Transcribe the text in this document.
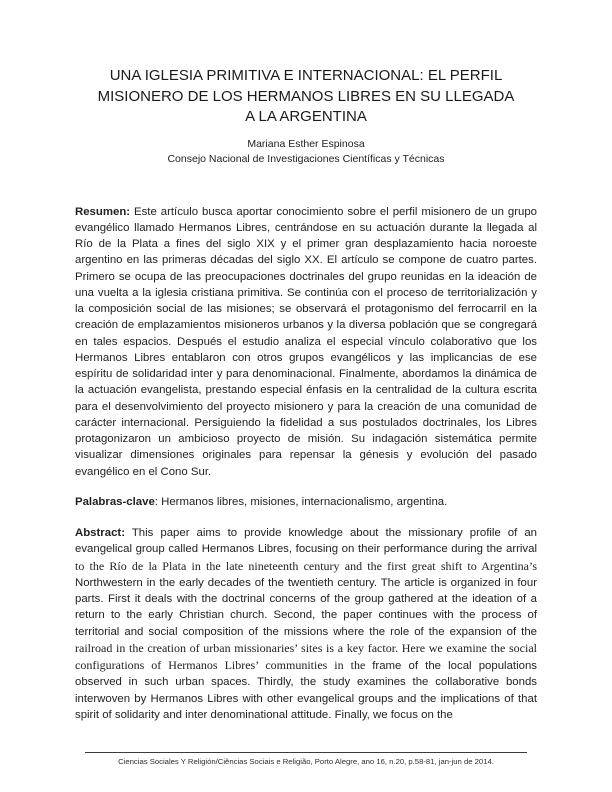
UNA IGLESIA PRIMITIVA E INTERNACIONAL: EL PERFIL MISIONERO DE LOS HERMANOS LIBRES EN SU LLEGADA A LA ARGENTINA
Mariana Esther Espinosa
Consejo Nacional de Investigaciones Científicas y Técnicas

Resumen: Este artículo busca aportar conocimiento sobre el perfil misionero de un grupo evangélico llamado Hermanos Libres, centrándose en su actuación durante la llegada al Río de la Plata a fines del siglo XIX y el primer gran desplazamiento hacia noroeste argentino en las primeras décadas del siglo XX. El artículo se compone de cuatro partes. Primero se ocupa de las preocupaciones doctrinales del grupo reunidas en la ideación de una vuelta a la iglesia cristiana primitiva. Se continúa con el proceso de territorialización y la composición social de las misiones; se observará el protagonismo del ferrocarril en la creación de emplazamientos misioneros urbanos y la diversa población que se congregará en tales espacios. Después el estudio analiza el especial vínculo colaborativo que los Hermanos Libres entablaron con otros grupos evangélicos y las implicancias de ese espíritu de solidaridad inter y para denominacional. Finalmente, abordamos la dinámica de la actuación evangelista, prestando especial énfasis en la centralidad de la cultura escrita para el desenvolvimiento del proyecto misionero y para la creación de una comunidad de carácter internacional. Persiguiendo la fidelidad a sus postulados doctrinales, los Libres protagonizaron un ambicioso proyecto de misión. Su indagación sistemática permite visualizar dimensiones originales para repensar la génesis y evolución del pasado evangélico en el Cono Sur.

Palabras-clave: Hermanos libres, misiones, internacionalismo, argentina.

Abstract: This paper aims to provide knowledge about the missionary profile of an evangelical group called Hermanos Libres, focusing on their performance during the arrival to the Río de la Plata in the late nineteenth century and the first great shift to Argentina’s Northwestern in the early decades of the twentieth century. The article is organized in four parts. First it deals with the doctrinal concerns of the group gathered at the ideation of a return to the early Christian church. Second, the paper continues with the process of territorial and social composition of the missions where the role of the expansion of the railroad in the creation of urban missionaries’ sites is a key factor. Here we examine the social configurations of Hermanos Libres’ communities in the frame of the local populations observed in such urban spaces. Thirdly, the study examines the collaborative bonds interwoven by Hermanos Libres with other evangelical groups and the implications of that spirit of solidarity and inter denominational attitude. Finally, we focus on the

Ciencias Sociales Y Religión/Ciências Sociais e Religião, Porto Alegre, ano 16, n.20, p.58-81, jan-jun de 2014.
